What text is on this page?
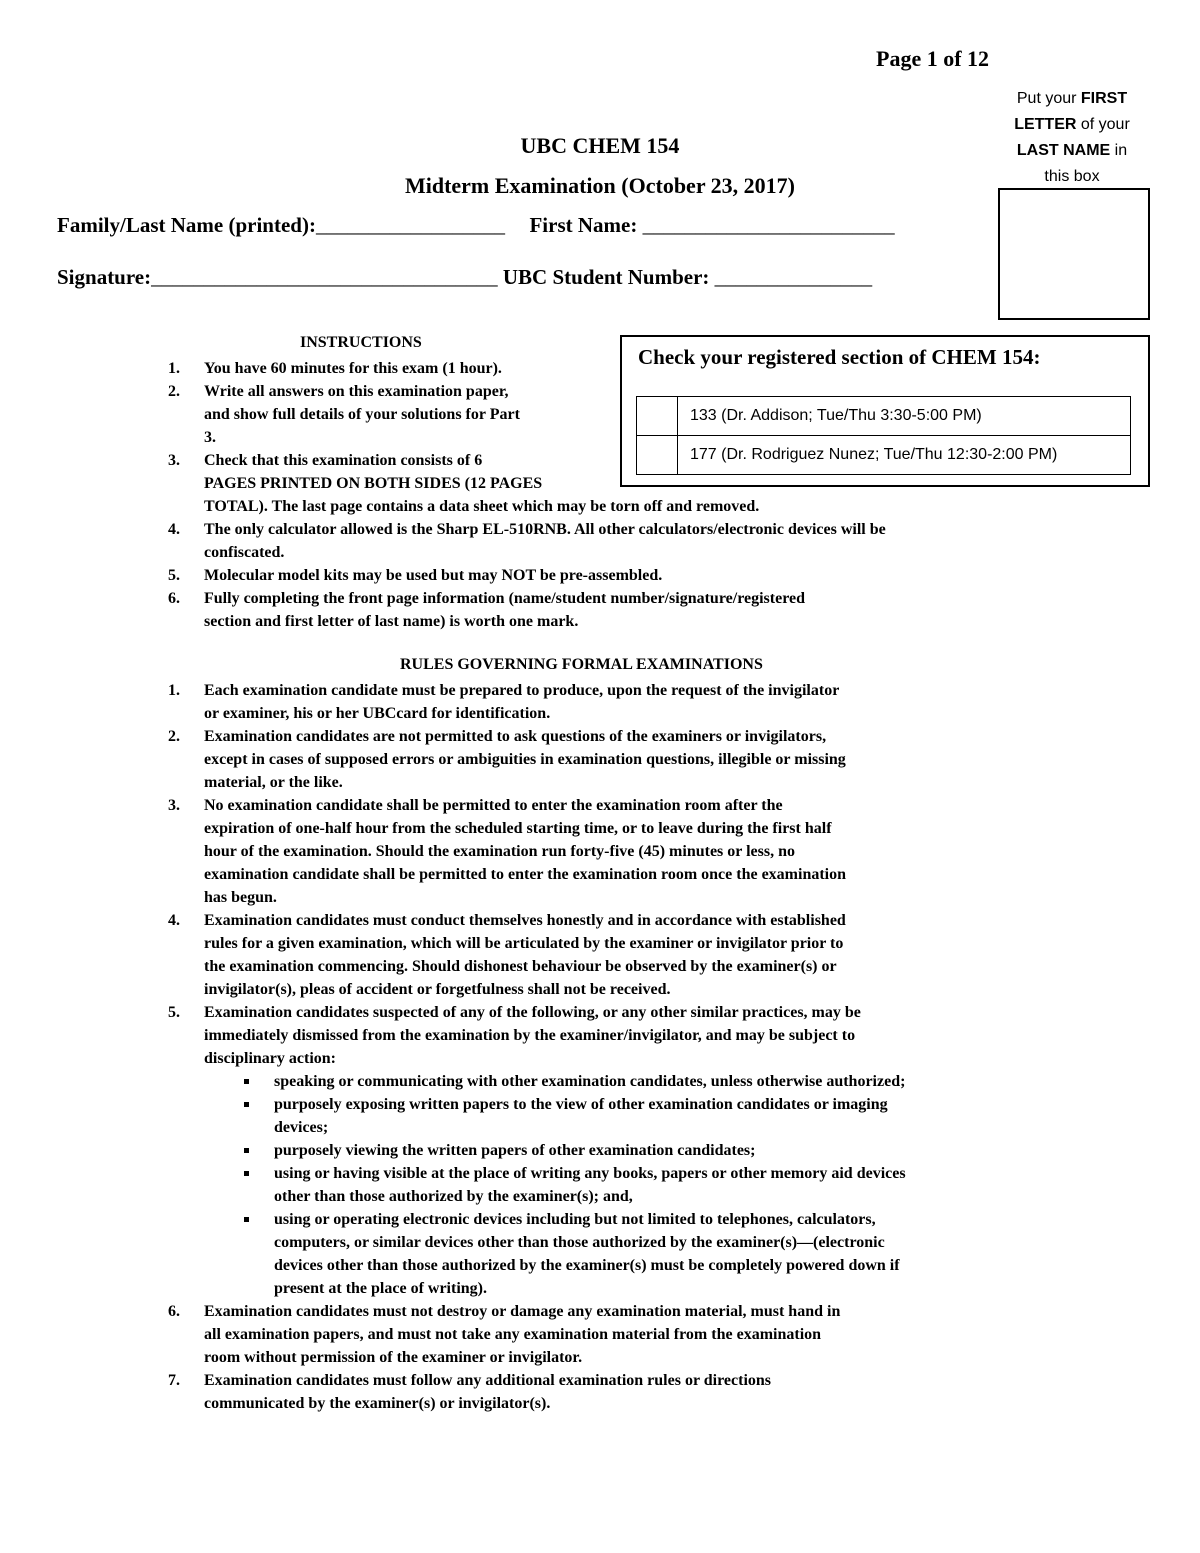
Page 1 of 12
Put your FIRST
LETTER of your
LAST NAME in
this box
UBC CHEM 154
Midterm Examination (October 23, 2017)
Family/Last Name (printed):__________________ First Name: ________________________
Signature:_________________________________ UBC Student Number: _______________
Check your registered section of CHEM 154:
	133 (Dr. Addison; Tue/Thu 3:30-5:00 PM)
	177 (Dr. Rodriguez Nunez; Tue/Thu 12:30-2:00 PM)
INSTRUCTIONS
1. You have 60 minutes for this exam (1 hour).
2. Write all answers on this examination paper,
and show full details of your solutions for Part
3.
3. Check that this examination consists of 6
PAGES PRINTED ON BOTH SIDES (12 PAGES
TOTAL). The last page contains a data sheet which may be torn off and removed.
4. The only calculator allowed is the Sharp EL-510RNB. All other calculators/electronic devices will be
confiscated.
5. Molecular model kits may be used but may NOT be pre-assembled.
6. Fully completing the front page information (name/student number/signature/registered
section and first letter of last name) is worth one mark.
RULES GOVERNING FORMAL EXAMINATIONS
1. Each examination candidate must be prepared to produce, upon the request of the invigilator
or examiner, his or her UBCcard for identification.
2. Examination candidates are not permitted to ask questions of the examiners or invigilators,
except in cases of supposed errors or ambiguities in examination questions, illegible or missing
material, or the like.
3. No examination candidate shall be permitted to enter the examination room after the
expiration of one-half hour from the scheduled starting time, or to leave during the first half
hour of the examination. Should the examination run forty-five (45) minutes or less, no
examination candidate shall be permitted to enter the examination room once the examination
has begun.
4. Examination candidates must conduct themselves honestly and in accordance with established
rules for a given examination, which will be articulated by the examiner or invigilator prior to
the examination commencing. Should dishonest behaviour be observed by the examiner(s) or
invigilator(s), pleas of accident or forgetfulness shall not be received.
5. Examination candidates suspected of any of the following, or any other similar practices, may be
immediately dismissed from the examination by the examiner/invigilator, and may be subject to
disciplinary action:
speaking or communicating with other examination candidates, unless otherwise authorized;
purposely exposing written papers to the view of other examination candidates or imaging
devices;
purposely viewing the written papers of other examination candidates;
using or having visible at the place of writing any books, papers or other memory aid devices
other than those authorized by the examiner(s); and,
using or operating electronic devices including but not limited to telephones, calculators,
computers, or similar devices other than those authorized by the examiner(s)—(electronic
devices other than those authorized by the examiner(s) must be completely powered down if
present at the place of writing).
6. Examination candidates must not destroy or damage any examination material, must hand in
all examination papers, and must not take any examination material from the examination
room without permission of the examiner or invigilator.
7. Examination candidates must follow any additional examination rules or directions
communicated by the examiner(s) or invigilator(s).
